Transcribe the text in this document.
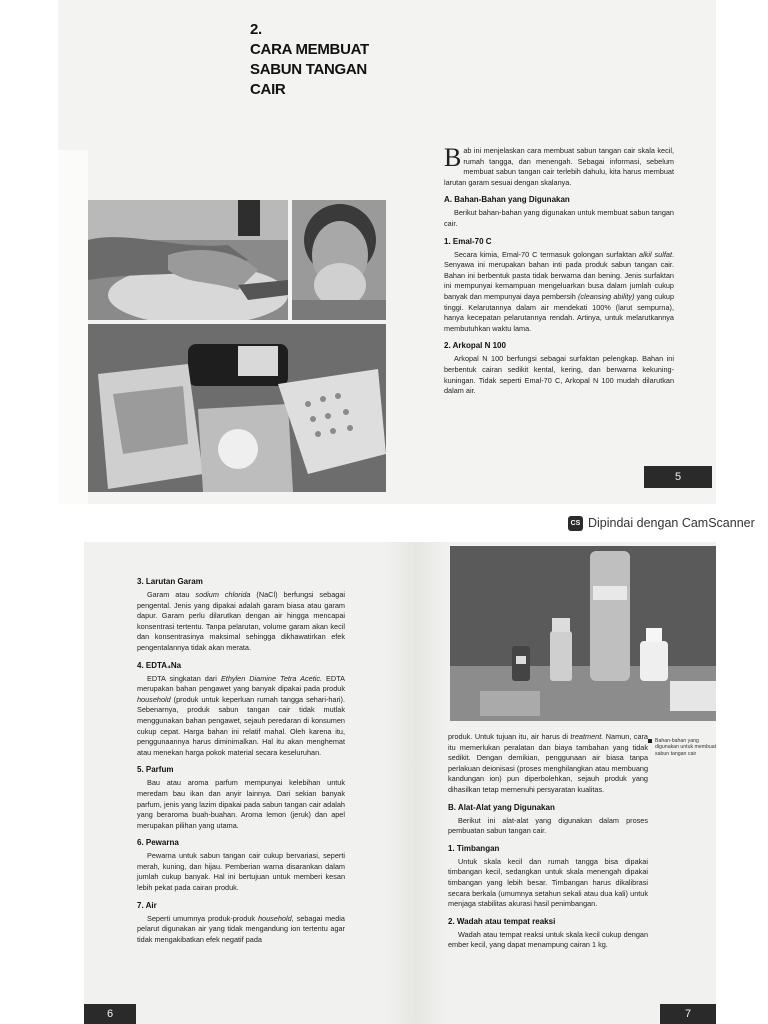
2.
CARA MEMBUAT
SABUN TANGAN
CAIR

Bab ini menjelaskan cara membuat sabun tangan cair skala kecil, rumah tangga, dan menengah. Sebagai informasi, sebelum membuat sabun tangan cair terlebih dahulu, kita harus membuat larutan garam sesuai dengan skalanya.

A. Bahan-Bahan yang Digunakan

Berikut bahan-bahan yang digunakan untuk membuat sabun tangan cair.

1. Emal-70 C

Secara kimia, Emal-70 C termasuk golongan surfaktan alkil sulfat. Senyawa ini merupakan bahan inti pada produk sabun tangan cair. Bahan ini berbentuk pasta tidak berwarna dan bening. Jenis surfaktan ini mempunyai kemampuan mengeluarkan busa dalam jumlah cukup banyak dan mempunyai daya pembersih (cleansing ability) yang cukup tinggi. Kelarutannya dalam air mendekati 100% (larut sempurna), hanya kecepatan pelarutannya rendah. Artinya, untuk melarutkannya membutuhkan waktu lama.

2. Arkopal N 100

Arkopal N 100 berfungsi sebagai surfaktan pelengkap. Bahan ini berbentuk cairan sedikit kental, kering, dan berwarna kekuning-kuningan. Tidak seperti Emal-70 C, Arkopal N 100 mudah dilarutkan dalam air.

5
CS Dipindai dengan CamScanner
3. Larutan Garam

Garam atau sodium chlorida (NaCl) berfungsi sebagai pengental. Jenis yang dipakai adalah garam biasa atau garam dapur. Garam perlu dilarutkan dengan air hingga mencapai konsentrasi tertentu. Tanpa pelarutan, volume garam akan kecil dan konsentrasinya maksimal sehingga dikhawatirkan efek pengentalannya tidak akan merata.

4. EDTA₄Na

EDTA singkatan dari Ethylen Diamine Tetra Acetic. EDTA merupakan bahan pengawet yang banyak dipakai pada produk household (produk untuk keperluan rumah tangga sehari-hari). Sebenarnya, produk sabun tangan cair tidak mutlak menggunakan bahan pengawet, sejauh peredaran di konsumen cukup cepat. Harga bahan ini relatif mahal. Oleh karena itu, penggunaannya harus diminimalkan. Hal itu akan menghemat atau menekan harga pokok material secara keseluruhan.

5. Parfum

Bau atau aroma parfum mempunyai kelebihan untuk meredam bau ikan dan anyir lainnya. Dari sekian banyak parfum, jenis yang lazim dipakai pada sabun tangan cair adalah yang beraroma buah-buahan. Aroma lemon (jeruk) dan apel merupakan pilihan yang utama.

6. Pewarna

Pewarna untuk sabun tangan cair cukup bervariasi, seperti merah, kuning, dan hijau. Pemberian warna disarankan dalam jumlah cukup banyak. Hal ini bertujuan untuk memberi kesan lebih pekat pada cairan produk.

7. Air

Seperti umumnya produk-produk household, sebagai media pelarut digunakan air yang tidak mengandung ion tertentu agar tidak mengakibatkan efek negatif pada

6
Bahan-bahan yang digunakan untuk membuat sabun tangan cair

produk. Untuk tujuan itu, air harus di treatment. Namun, cara itu memerlukan peralatan dan biaya tambahan yang tidak sedikit. Dengan demikian, penggunaan air biasa tanpa perlakuan deionisasi (proses menghilangkan atau membuang kandungan ion) pun diperbolehkan, sejauh produk yang dihasilkan tetap memenuhi persyaratan kualitas.

B. Alat-Alat yang Digunakan

Berikut ini alat-alat yang digunakan dalam proses pembuatan sabun tangan cair.

1. Timbangan

Untuk skala kecil dan rumah tangga bisa dipakai timbangan kecil, sedangkan untuk skala menengah dipakai timbangan yang lebih besar. Timbangan harus dikalibrasi secara berkala (umumnya setahun sekali atau dua kali) untuk menjaga stabilitas akurasi hasil penimbangan.

2. Wadah atau tempat reaksi

Wadah atau tempat reaksi untuk skala kecil cukup dengan ember kecil, yang dapat menampung cairan 1 kg.

7
